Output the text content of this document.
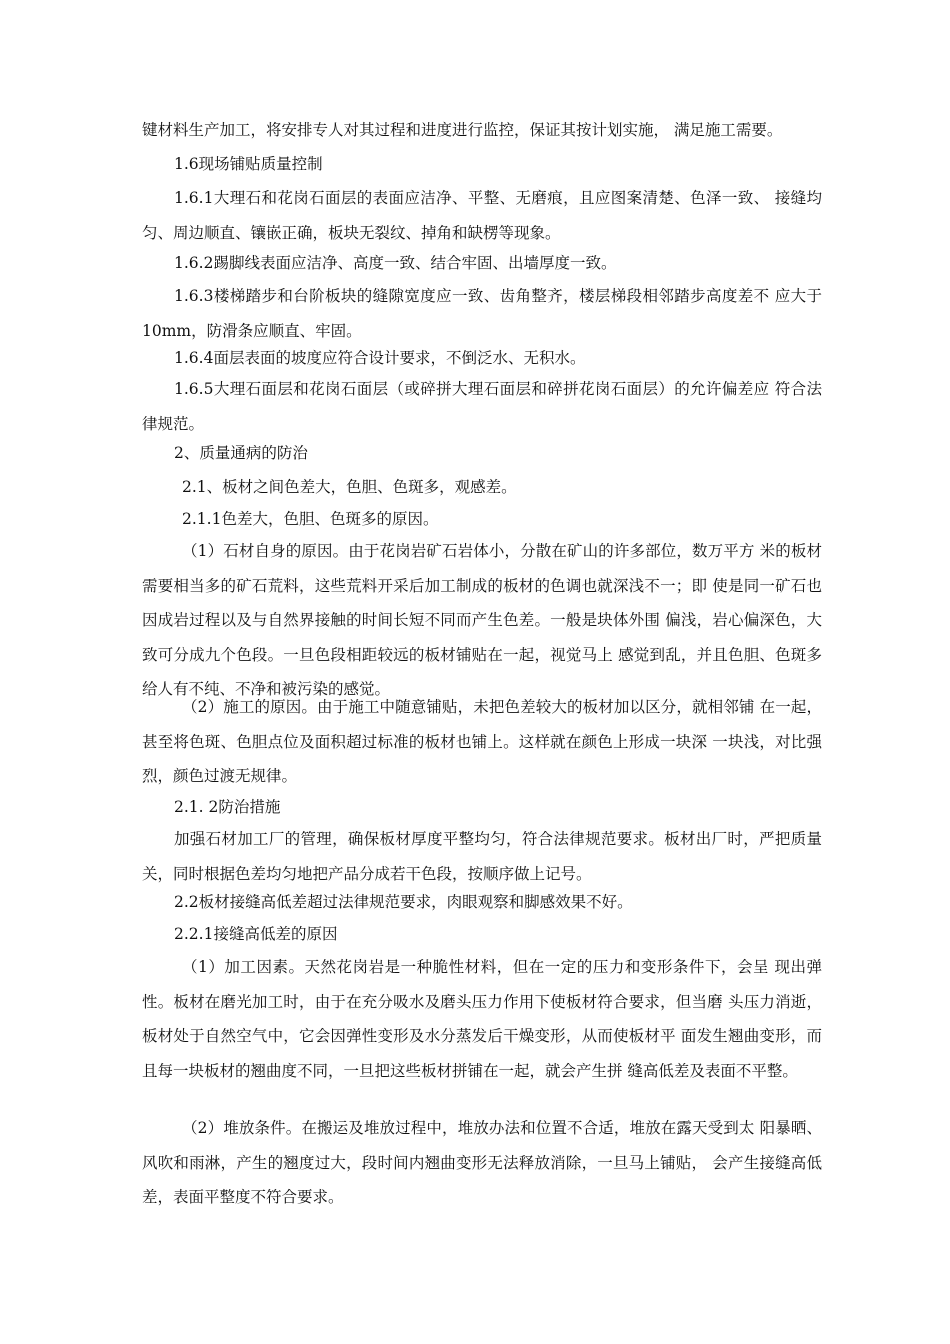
键材料生产加工，将安排专人对其过程和进度进行监控，保证其按计划实施， 满足施工需要。

1.6现场铺贴质量控制

1.6.1大理石和花岗石面层的表面应洁净、平整、无磨痕，且应图案清楚、色泽一致、 接缝均匀、周边顺直、镶嵌正确，板块无裂纹、掉角和缺楞等现象。

1.6.2踢脚线表面应洁净、高度一致、结合牢固、出墙厚度一致。

1.6.3楼梯踏步和台阶板块的缝隙宽度应一致、齿角整齐，楼层梯段相邻踏步高度差不 应大于10mm，防滑条应顺直、牢固。

1.6.4面层表面的坡度应符合设计要求，不倒泛水、无积水。

1.6.5大理石面层和花岗石面层（或碎拼大理石面层和碎拼花岗石面层）的允许偏差应 符合法律规范。

2、质量通病的防治

2.1、板材之间色差大，色胆、色斑多，观感差。

2.1.1色差大，色胆、色斑多的原因。

（1）石材自身的原因。由于花岗岩矿石岩体小，分散在矿山的许多部位，数万平方 米的板材需要相当多的矿石荒料，这些荒料开采后加工制成的板材的色调也就深浅不一；即 使是同一矿石也因成岩过程以及与自然界接触的时间长短不同而产生色差。一般是块体外围 偏浅，岩心偏深色，大致可分成九个色段。一旦色段相距较远的板材铺贴在一起，视觉马上 感觉到乱，并且色胆、色斑多给人有不纯、不净和被污染的感觉。

（2）施工的原因。由于施工中随意铺贴，未把色差较大的板材加以区分，就相邻铺 在一起，甚至将色斑、色胆点位及面积超过标准的板材也铺上。这样就在颜色上形成一块深 一块浅，对比强烈，颜色过渡无规律。

2.1. 2防治措施

加强石材加工厂的管理，确保板材厚度平整均匀，符合法律规范要求。板材出厂时，严把质量关，同时根据色差均匀地把产品分成若干色段，按顺序做上记号。

2.2板材接缝高低差超过法律规范要求，肉眼观察和脚感效果不好。

2.2.1接缝高低差的原因

（1）加工因素。天然花岗岩是一种脆性材料，但在一定的压力和变形条件下，会呈 现出弹性。板材在磨光加工时，由于在充分吸水及磨头压力作用下使板材符合要求，但当磨 头压力消逝，板材处于自然空气中，它会因弹性变形及水分蒸发后干燥变形，从而使板材平 面发生翘曲变形，而且每一块板材的翘曲度不同，一旦把这些板材拼铺在一起，就会产生拼 缝高低差及表面不平整。

（2）堆放条件。在搬运及堆放过程中，堆放办法和位置不合适，堆放在露天受到太 阳暴晒、风吹和雨淋，产生的翘度过大，段时间内翘曲变形无法释放消除，一旦马上铺贴， 会产生接缝高低差，表面平整度不符合要求。
